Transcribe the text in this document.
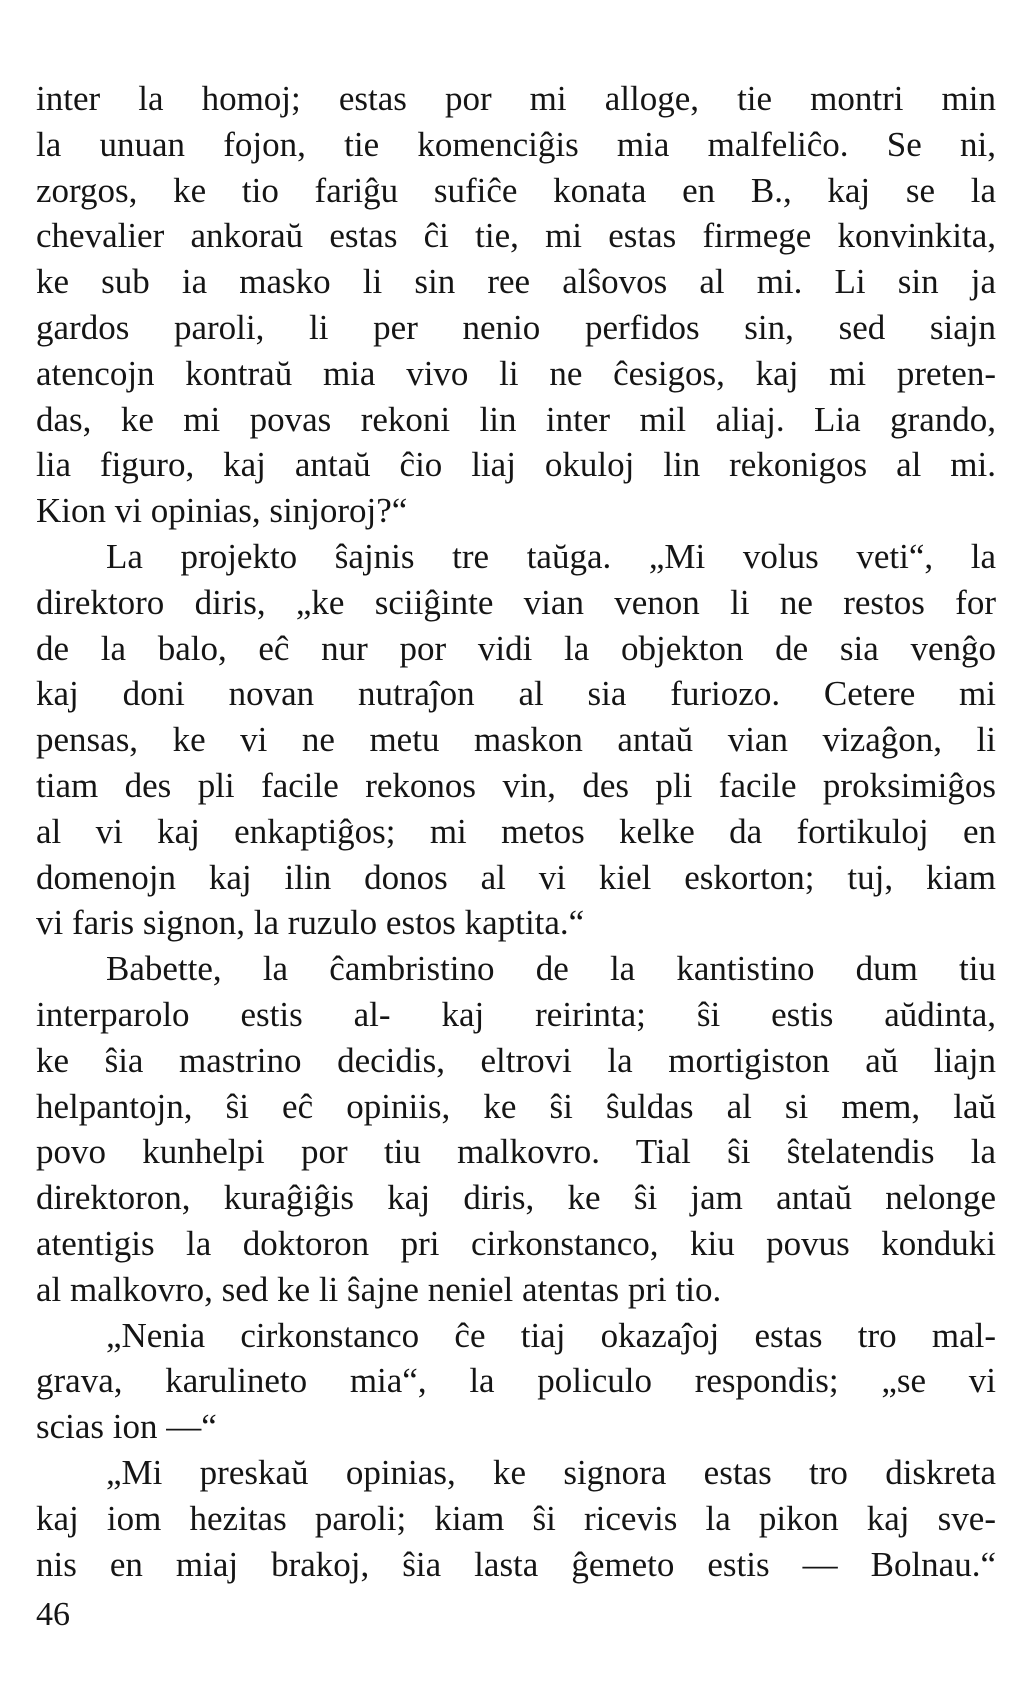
inter la homoj; estas por mi alloge, tie montri min
la unuan fojon, tie komenciĝis mia malfeliĉo. Se ni,
zorgos, ke tio fariĝu sufiĉe konata en B., kaj se la
chevalier ankoraŭ estas ĉi tie, mi estas firmege konvinkita,
ke sub ia masko li sin ree alŝovos al mi. Li sin ja
gardos paroli, li per nenio perfidos sin, sed siajn
atencojn kontraŭ mia vivo li ne ĉesigos, kaj mi preten-
das, ke mi povas rekoni lin inter mil aliaj. Lia grando,
lia figuro, kaj antaŭ ĉio liaj okuloj lin rekonigos al mi.
Kion vi opinias, sinjoroj?“
La projekto ŝajnis tre taŭga. „Mi volus veti“, la
direktoro diris, „ke sciiĝinte vian venon li ne restos for
de la balo, eĉ nur por vidi la objekton de sia venĝo
kaj doni novan nutraĵon al sia furiozo. Cetere mi
pensas, ke vi ne metu maskon antaŭ vian vizaĝon, li
tiam des pli facile rekonos vin, des pli facile proksimiĝos
al vi kaj enkaptiĝos; mi metos kelke da fortikuloj en
domenojn kaj ilin donos al vi kiel eskorton; tuj, kiam
vi faris signon, la ruzulo estos kaptita.“
Babette, la ĉambristino de la kantistino dum tiu
interparolo estis al- kaj reirinta; ŝi estis aŭdinta,
ke ŝia mastrino decidis, eltrovi la mortigiston aŭ liajn
helpantojn, ŝi eĉ opiniis, ke ŝi ŝuldas al si mem, laŭ
povo kunhelpi por tiu malkovro. Tial ŝi ŝtelatendis la
direktoron, kuraĝiĝis kaj diris, ke ŝi jam antaŭ nelonge
atentigis la doktoron pri cirkonstanco, kiu povus konduki
al malkovro, sed ke li ŝajne neniel atentas pri tio.
„Nenia cirkonstanco ĉe tiaj okazaĵoj estas tro mal-
grava, karulineto mia“, la policulo respondis; „se vi
scias ion —“
„Mi preskaŭ opinias, ke signora estas tro diskreta
kaj iom hezitas paroli; kiam ŝi ricevis la pikon kaj sve-
nis en miaj brakoj, ŝia lasta ĝemeto estis — Bolnau.“
46
